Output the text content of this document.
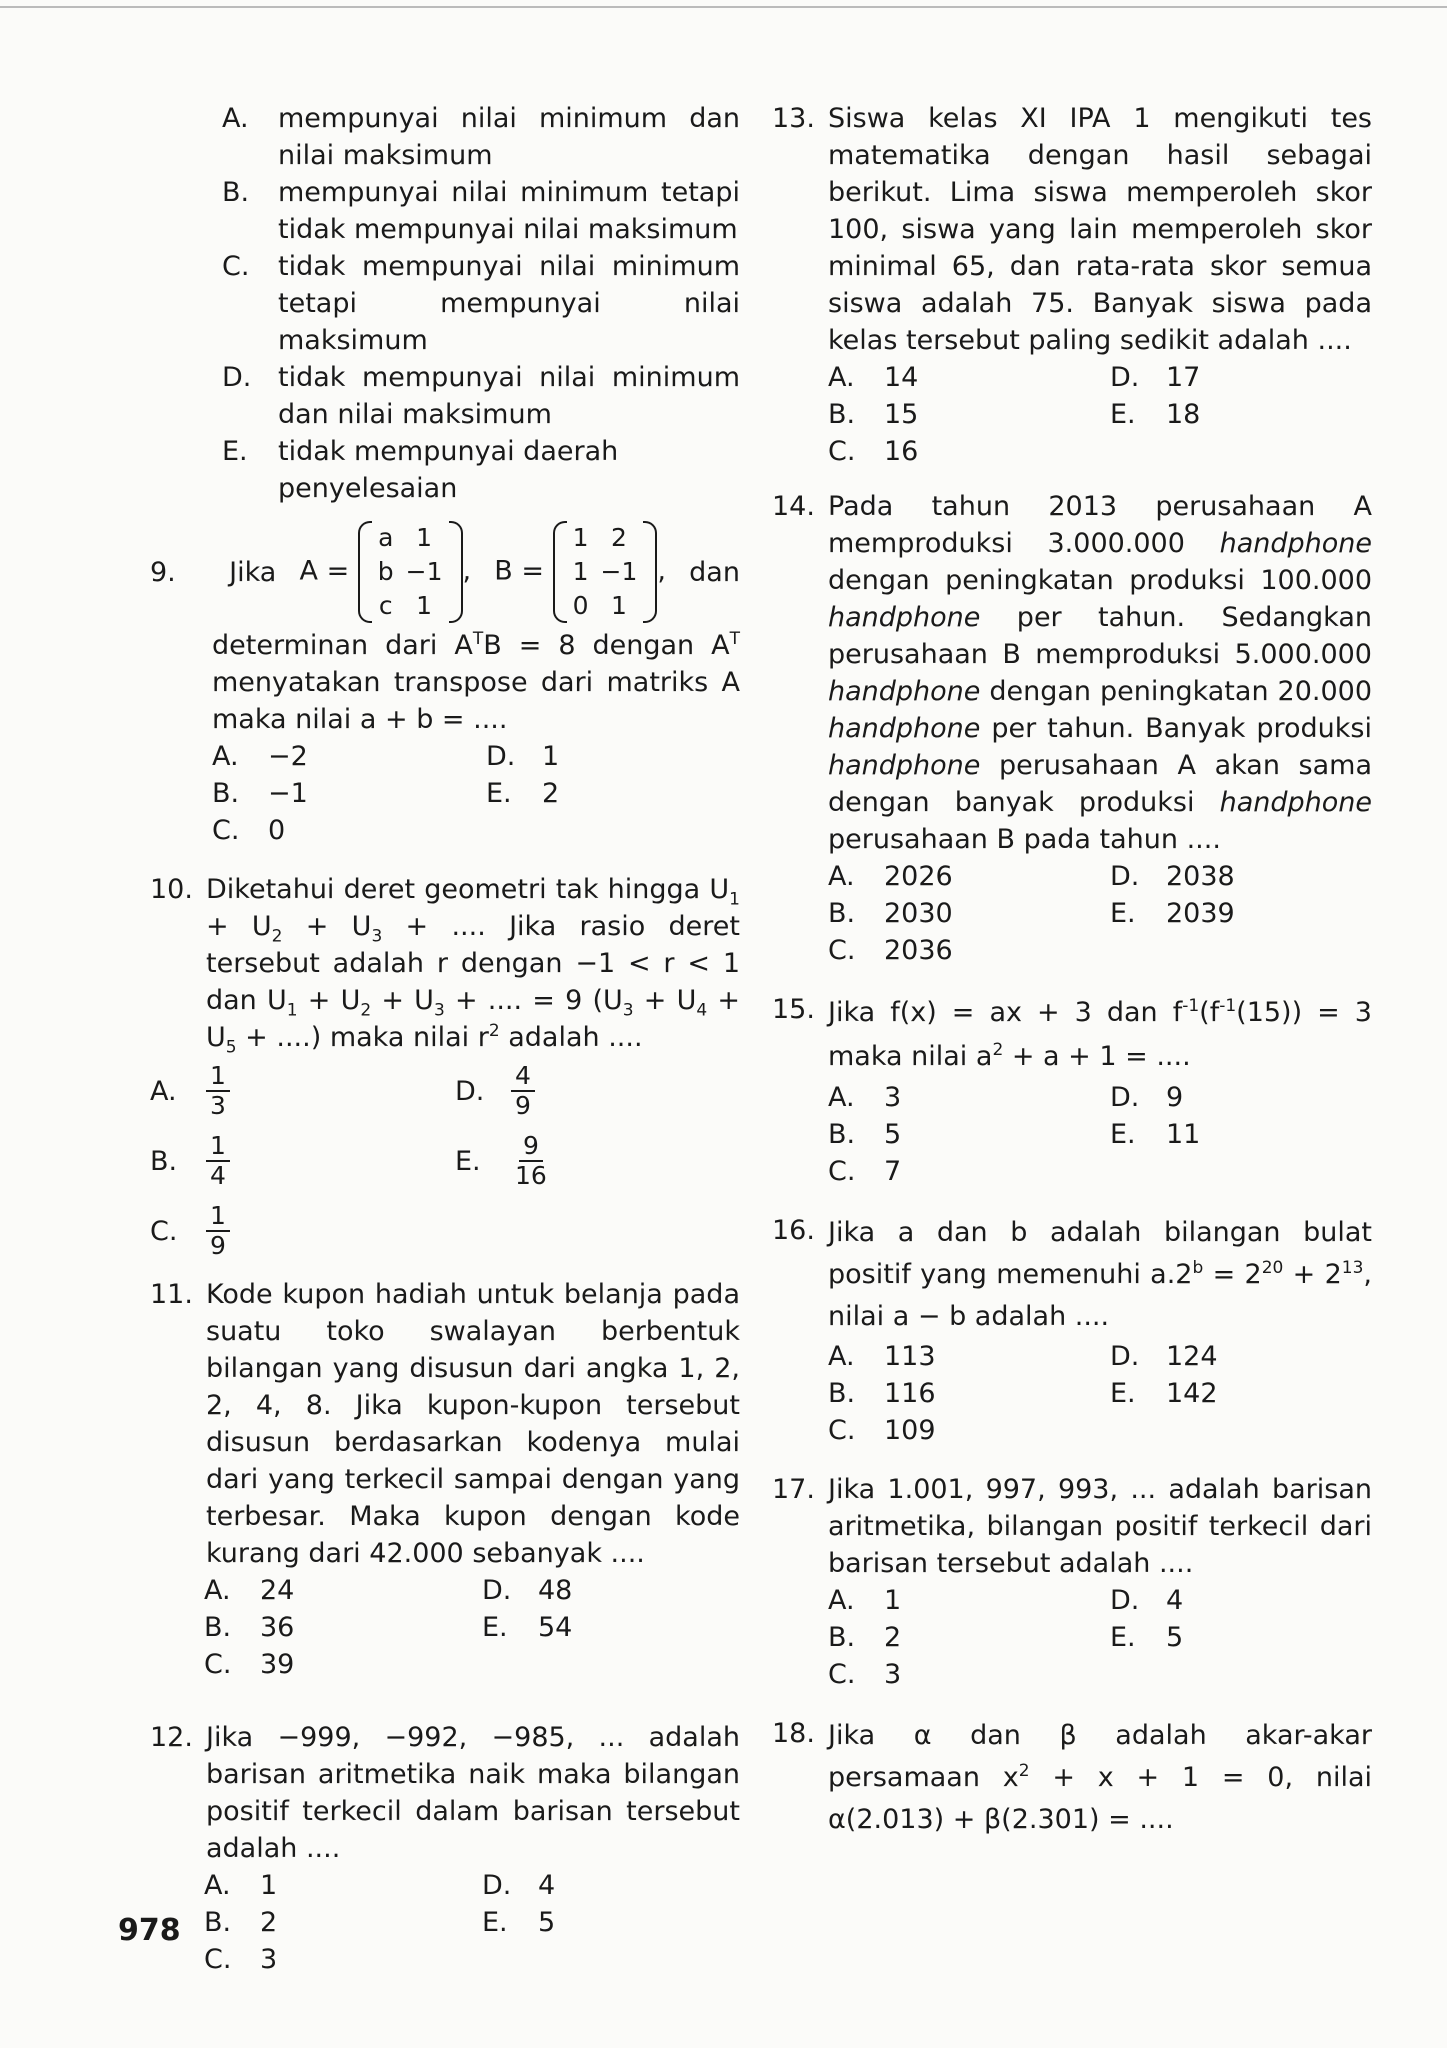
A. mempunyai nilai minimum dan nilai maksimum
B. mempunyai nilai minimum tetapi tidak mempunyai nilai maksimum
C. tidak mempunyai nilai minimum tetapi mempunyai nilai maksimum
D. tidak mempunyai nilai minimum dan nilai maksimum
E. tidak mempunyai daerah penyelesaian
9.	Jika A =
a	1
b	−1
c	1
, B =
1	2
1	−1
0	1
, dan
determinan dari $A^TB = 8$ dengan $A^T$ menyatakan transpose dari matriks A maka nilai a + b = ....
A. −2	D. 1
B. −1	E. 2
C. 0
10. Diketahui deret geometri tak hingga $U_1 + U_2 + U_3$ + .... Jika rasio deret tersebut adalah r dengan −1 < r < 1 dan $U_1 + U_2 + U_3$ + .... = 9 ($U_3 + U_4 + U_5$ + ....) maka nilai $r^2$ adalah ....
A.	$\frac{1}{3}$	D.	$\frac{4}{9}$
B.	$\frac{1}{4}$	E.	$\frac{9}{16}$
C.	$\frac{1}{9}$
11. Kode kupon hadiah untuk belanja pada suatu toko swalayan berbentuk bilangan yang disusun dari angka 1, 2, 2, 4, 8. Jika kupon-kupon tersebut disusun berdasarkan kodenya mulai dari yang terkecil sampai dengan yang terbesar. Maka kupon dengan kode kurang dari 42.000 sebanyak ....
A. 24	D. 48
B. 36	E. 54
C. 39
12. Jika −999, −992, −985, ... adalah barisan aritmetika naik maka bilangan positif terkecil dalam barisan tersebut adalah ....
A. 1	D. 4
B. 2	E. 5
C. 3
13. Siswa kelas XI IPA 1 mengikuti tes matematika dengan hasil sebagai berikut. Lima siswa memperoleh skor 100, siswa yang lain memperoleh skor minimal 65, dan rata-rata skor semua siswa adalah 75. Banyak siswa pada kelas tersebut paling sedikit adalah ....
A. 14	D. 17
B. 15	E. 18
C. 16
14. Pada tahun 2013 perusahaan A memproduksi 3.000.000 handphone dengan peningkatan produksi 100.000 handphone per tahun. Sedangkan perusahaan B memproduksi 5.000.000 handphone dengan peningkatan 20.000 handphone per tahun. Banyak produksi handphone perusahaan A akan sama dengan banyak produksi handphone perusahaan B pada tahun ....
A. 2026	D. 2038
B. 2030	E. 2039
C. 2036
15. Jika f(x) = ax + 3 dan $f^{-1}(f^{-1}(15)) = 3$ maka nilai $a^2 + a + 1$ = ....
A. 3	D. 9
B. 5	E. 11
C. 7
16. Jika a dan b adalah bilangan bulat positif yang memenuhi $a.2^b = 2^{20} + 2^{13}$, nilai a − b adalah ....
A. 113	D. 124
B. 116	E. 142
C. 109
17. Jika 1.001, 997, 993, ... adalah barisan aritmetika, bilangan positif terkecil dari barisan tersebut adalah ....
A. 1	D. 4
B. 2	E. 5
C. 3
18. Jika α dan β adalah akar-akar persamaan $x^2 + x + 1 = 0$, nilai α(2.013) + β(2.301) = ....
978
